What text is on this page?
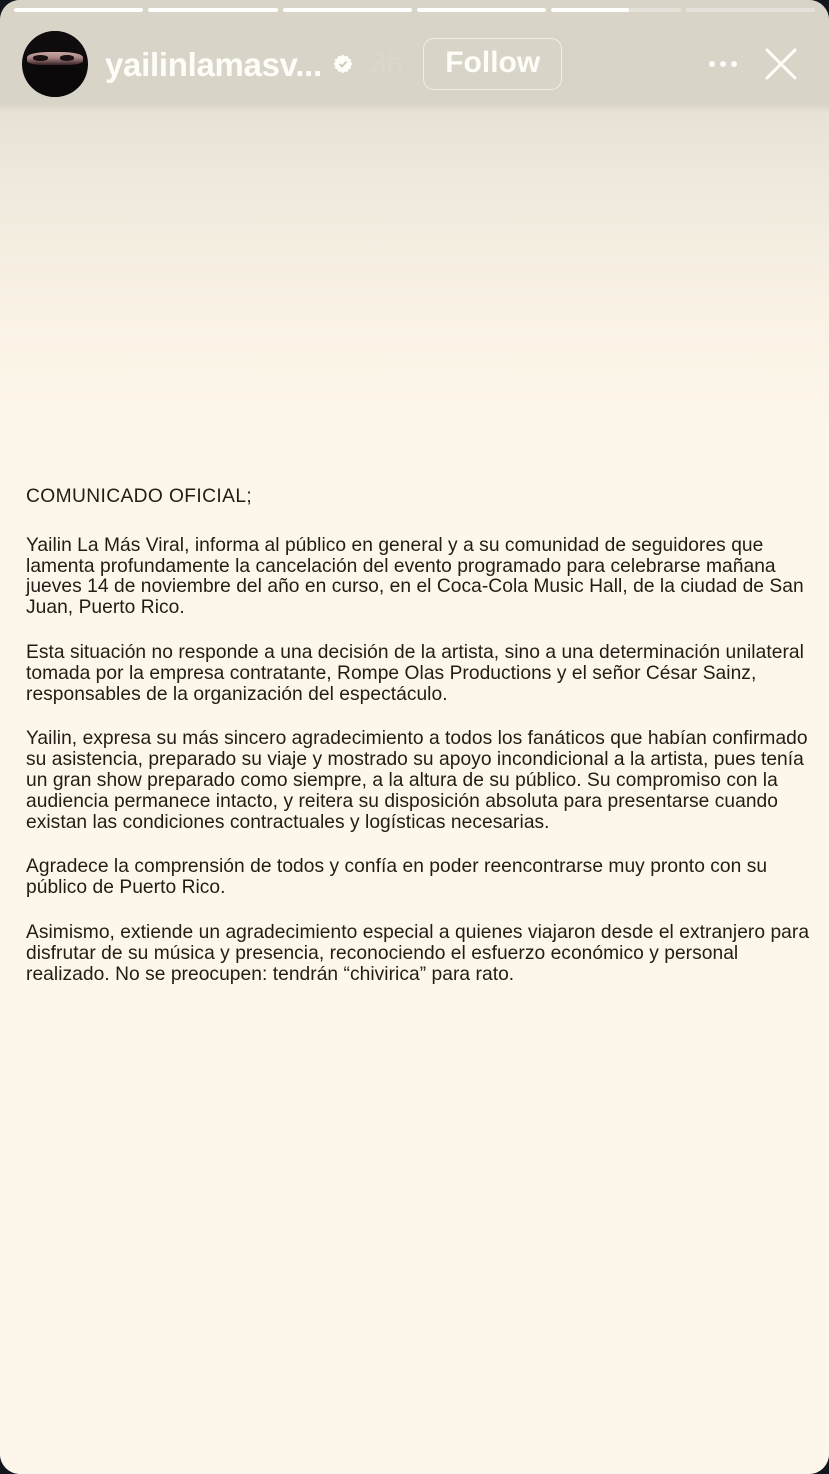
yailinlamasv... 3h	Follow
COMUNICADO OFICIAL;

Yailin La Más Viral, informa al público en general y a su comunidad de seguidores que lamenta profundamente la cancelación del evento programado para celebrarse mañana jueves 14 de noviembre del año en curso, en el Coca-Cola Music Hall, de la ciudad de San Juan, Puerto Rico.

Esta situación no responde a una decisión de la artista, sino a una determinación unilateral tomada por la empresa contratante, Rompe Olas Productions y el señor César Sainz, responsables de la organización del espectáculo.

Yailin, expresa su más sincero agradecimiento a todos los fanáticos que habían confirmado su asistencia, preparado su viaje y mostrado su apoyo incondicional a la artista, pues tenía un gran show preparado como siempre, a la altura de su público. Su compromiso con la audiencia permanece intacto, y reitera su disposición absoluta para presentarse cuando existan las condiciones contractuales y logísticas necesarias.

Agradece la comprensión de todos y confía en poder reencontrarse muy pronto con su público de Puerto Rico.

Asimismo, extiende un agradecimiento especial a quienes viajaron desde el extranjero para disfrutar de su música y presencia, reconociendo el esfuerzo económico y personal realizado. No se preocupen: tendrán “chivirica” para rato.
